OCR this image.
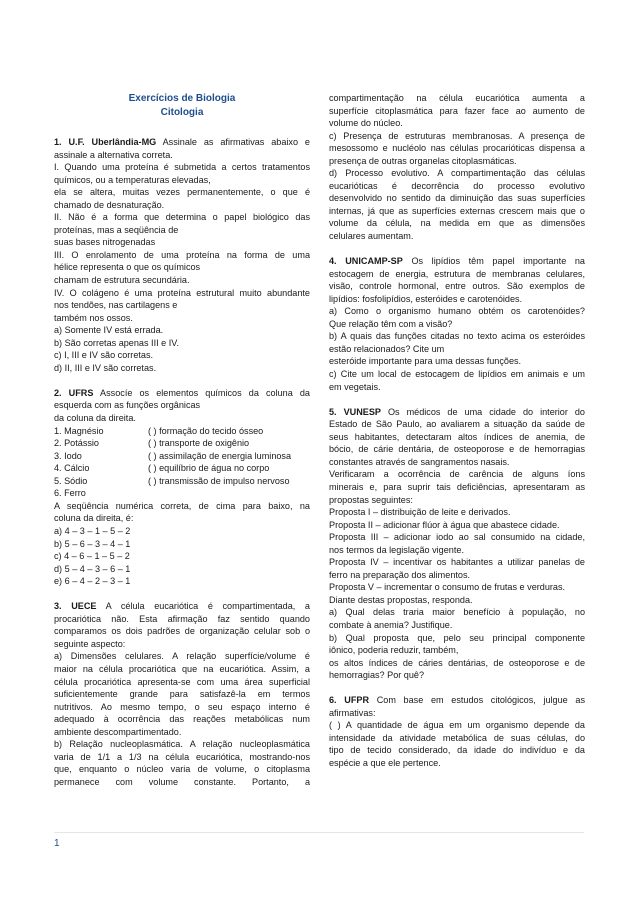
Exercícios de Biologia
Citologia
1. U.F. Uberlândia-MG Assinale as afirmativas abaixo e
assinale a alternativa correta.
I. Quando uma proteína é submetida a certos tratamentos
químicos, ou a temperaturas elevadas,
ela se altera, muitas vezes permanentemente, o que é
chamado de desnaturação.
II. Não é a forma que determina o papel biológico das
proteínas, mas a seqüência de
suas bases nitrogenadas
III. O enrolamento de uma proteína na forma de uma
hélice representa o que os químicos
chamam de estrutura secundária.
IV. O colágeno é uma proteína estrutural muito abundante
nos tendões, nas cartilagens e
também nos ossos.
a) Somente IV está errada.
b) São corretas apenas III e IV.
c) I, III e IV são corretas.
d) II, III e IV são corretas.
2. UFRS Assocíe os elementos químicos da coluna da
esquerda com as funções orgânicas
da coluna da direita.
1. Magnésio	( ) formação do tecido ósseo
2. Potássio	( ) transporte de oxigênio
3. Iodo	( ) assimilação de energia luminosa
4. Cálcio	( ) equilíbrio de água no corpo
5. Sódio	( ) transmissão de impulso nervoso
6. Ferro
A seqüência numérica correta, de cima para baixo, na
coluna da direita, é:
a) 4 – 3 – 1 – 5 – 2
b) 5 – 6 – 3 – 4 – 1
c) 4 – 6 – 1 – 5 – 2
d) 5 – 4 – 3 – 6 – 1
e) 6 – 4 – 2 – 3 – 1
3. UECE A célula eucariótica é compartimentada, a
procariótica não. Esta afirmação faz sentido quando
comparamos os dois padrões de organização celular sob o
seguinte aspecto:
a) Dimensões celulares. A relação superfície/volume é
maior na célula procariótica que na eucariótica. Assim, a
célula procariótica apresenta-se com uma área superficial
suficientemente grande para satisfazê-la em termos
nutritivos. Ao mesmo tempo, o seu espaço interno é
adequado à ocorrência das reações metabólicas num
ambiente descompartimentado.
b) Relação nucleoplasmática. A relação nucleoplasmática
varia de 1/1 a 1/3 na célula eucariótica, mostrando-nos
que, enquanto o núcleo varia de volume, o citoplasma
permanece com volume constante. Portanto, a
compartimentação na célula eucariótica aumenta a
superfície citoplasmática para fazer face ao aumento de
volume do núcleo.
c) Presença de estruturas membranosas. A presença de
mesossomo e nucléolo nas células procarióticas dispensa a
presença de outras organelas citoplasmáticas.
d) Processo evolutivo. A compartimentação das células
eucarióticas é decorrência do processo evolutivo
desenvolvido no sentido da diminuição das suas superfícies
internas, já que as superfícies externas crescem mais que o
volume da célula, na medida em que as dimensões
celulares aumentam.
4. UNICAMP-SP Os lipídios têm papel importante na
estocagem de energia, estrutura de membranas celulares,
visão, controle hormonal, entre outros. São exemplos de
lipídios: fosfolipídios, esteróides e carotenóides.
a) Como o organismo humano obtém os carotenóides?
Que relação têm com a visão?
b) A quais das funções citadas no texto acima os esteróides
estão relacionados? Cite um
esteróide importante para uma dessas funções.
c) Cite um local de estocagem de lipídios em animais e um
em vegetais.
5. VUNESP Os médicos de uma cidade do interior do
Estado de São Paulo, ao avaliarem a situação da saúde de
seus habitantes, detectaram altos índices de anemia, de
bócio, de cárie dentária, de osteoporose e de hemorragias
constantes através de sangramentos nasais.
Verificaram a ocorrência de carência de alguns íons
minerais e, para suprir tais deficiências, apresentaram as
propostas seguintes:
Proposta I – distribuição de leite e derivados.
Proposta II – adicionar flúor à água que abastece cidade.
Proposta III – adicionar iodo ao sal consumido na cidade,
nos termos da legislação vigente.
Proposta IV – incentivar os habitantes a utilizar panelas de
ferro na preparação dos alimentos.
Proposta V – incrementar o consumo de frutas e verduras.
Diante destas propostas, responda.
a) Qual delas traria maior benefício à população, no
combate à anemia? Justifique.
b) Qual proposta que, pelo seu principal componente
iônico, poderia reduzir, também,
os altos índices de cáries dentárias, de osteoporose e de
hemorragias? Por quê?
6. UFPR Com base em estudos citológicos, julgue as
afirmativas:
( ) A quantidade de água em um organismo depende da
intensidade da atividade metabólica de suas células, do
tipo de tecido considerado, da idade do indivíduo e da
espécie a que ele pertence.
1
